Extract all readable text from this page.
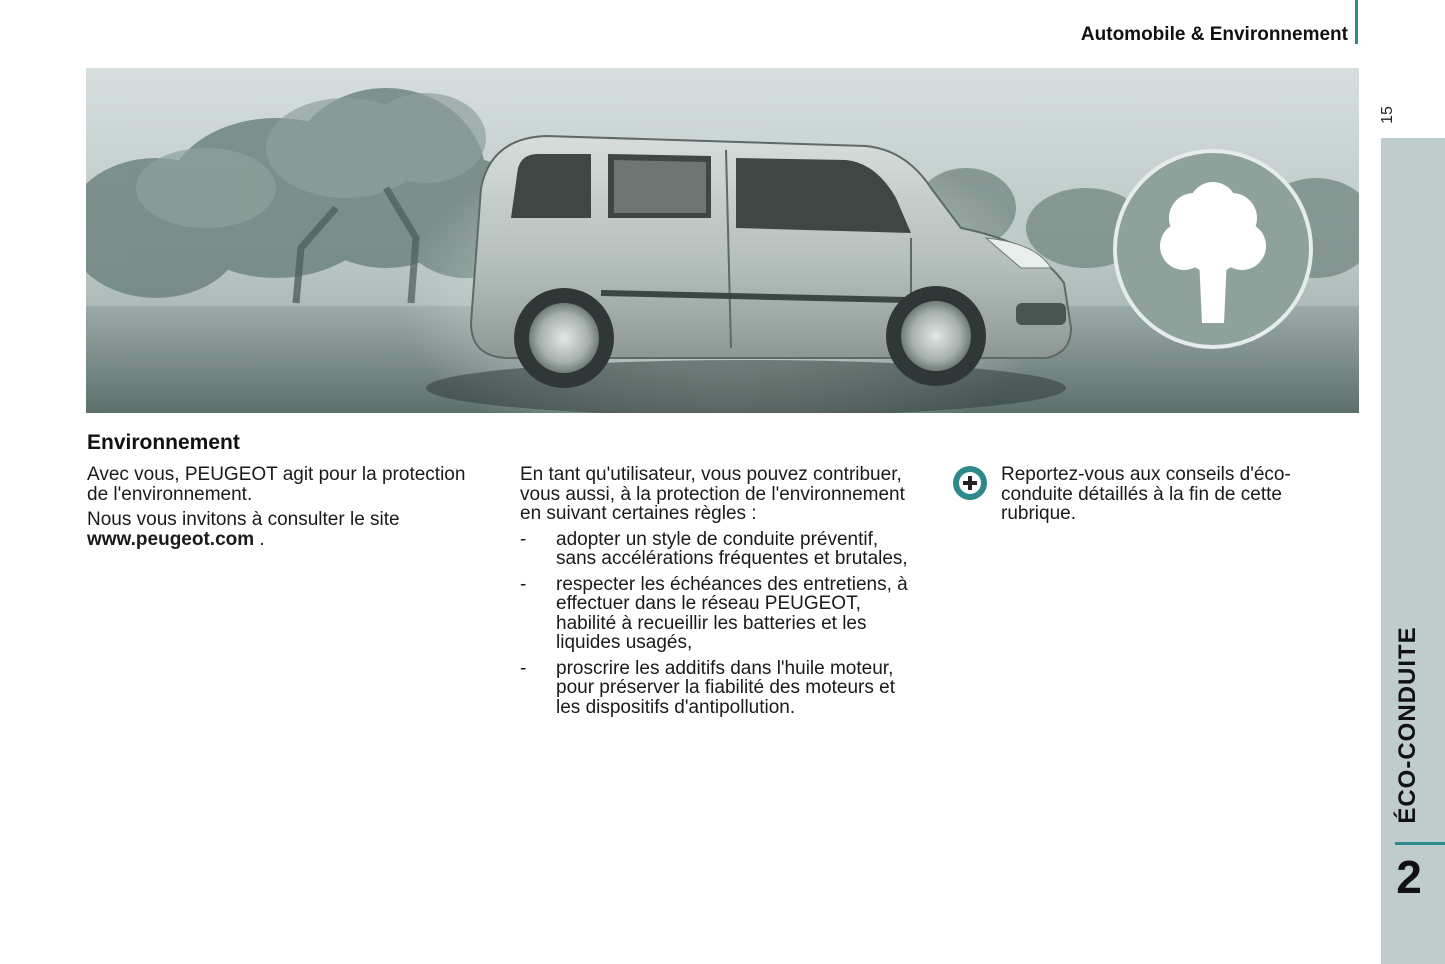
Automobile & Environnement
15
ÉCO-CONDUITE
2
Environnement

Avec vous, PEUGEOT agit pour la protection de l'environnement.

Nous vous invitons à consulter le site www.peugeot.com .

En tant qu'utilisateur, vous pouvez contribuer, vous aussi, à la protection de l'environnement en suivant certaines règles :

- adopter un style de conduite préventif, sans accélérations fréquentes et brutales,
- respecter les échéances des entretiens, à effectuer dans le réseau PEUGEOT, habilité à recueillir les batteries et les liquides usagés,
- proscrire les additifs dans l'huile moteur, pour préserver la fiabilité des moteurs et les dispositifs d'antipollution.

Reportez-vous aux conseils d'éco-conduite détaillés à la fin de cette rubrique.
